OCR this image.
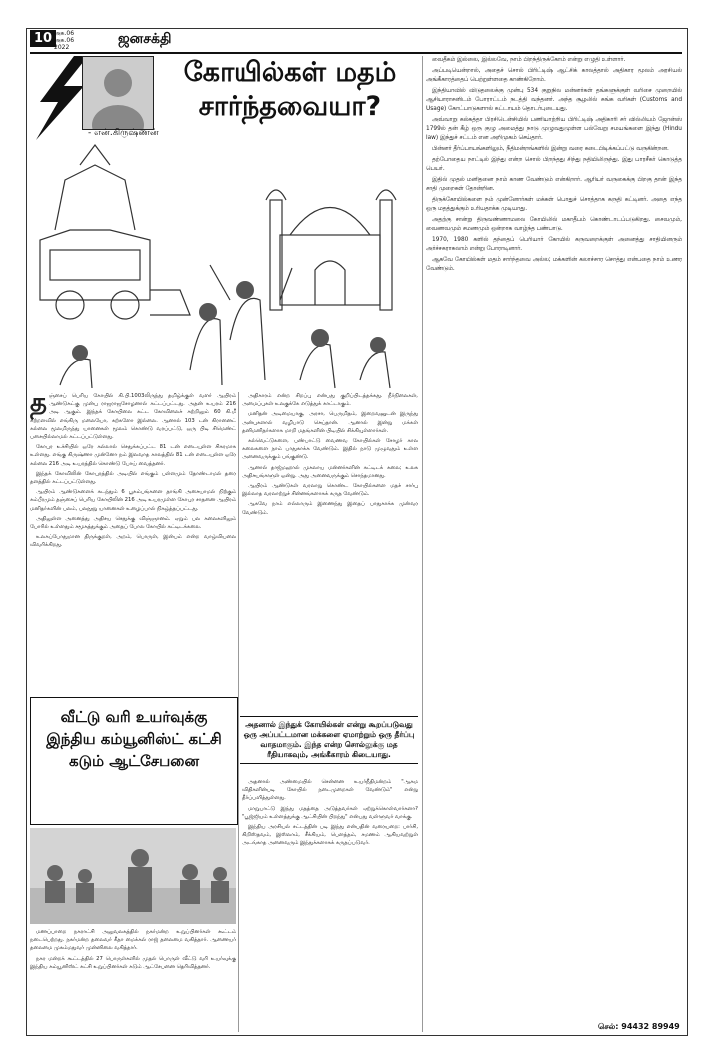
10 அக.06
அக.06
2022
ஜனசக்தி
கோயில்கள் மதம்
சார்ந்தவையா?
- என்.கிருஷ்ணன்

தஞ்சைப் பெரிய கோயில் கி.பி.1003லிருந்து தமிழ்க்குள் வளர் ஆயிரம் ஆண்டுகட்கு முன்பு ராஜராஜசோழனால் கட்டப்பட்டது. அதன் உயரம் 216 அடி ஆகும். இந்தக் கோயிலை கட்ட கோவிலைச் சுற்றிலும் 60 கி.மீ சுற்றளவில் எங்கிரு மலையோ, கற்களோ இல்லை. ஆனால் 103 டன் கிரானைட் கல்லை மூலமிருந்து யானைகள் மூலம் கொண்டு வரப்பட்டு, ஒரு பிடி சிமெண்ட் பசையில்லாமல் கட்டப்பட்டுள்ளது.

கோபுர உச்சியில் ஒரே கல்லால் செதுக்கப்பட்ட 81 டன் எடையுள்ள சிகரமாக உள்ளது. எங்கு கிருஷ்ணா முன்னோ நம் இலவாத காலத்தில் 81 டன் எடையுள்ள ஒரே கல்லை 216 அடி உயரத்தில் கொண்டு போய் வைத்தனர்.

இந்தக் கோவிலின் கோபுரத்தில் அடியில் எங்கும் பள்ளமும் தோண்டாமல் தரை தளத்தில் கட்டப்பட்டுள்ளது.

ஆயிரம் ஆண்டுகளைக் கடந்தும் 6 பூகம்பங்களை தாங்கி அசையாமல் நிற்கும் கம்பீரமும் தஞ்சைப் பெரிய கோயிலின் 216 அடி உயரமுள்ள கோபுர சாதனை ஆயிரம் மனிதர்களின் பலம், பலநூறு யானைகள் உழைப்பால் நிகழ்த்தப்பட்டது.

அதிலுள்ள அனைத்து அதிசய செதுக்கு விஞ்ஞானம். ஏறும் பல கலைகளிலும் போரில் உள்ளதும் சமூகத்துக்கும் அதைப் போல கோயில் கட்டிடக்கலை.

உலகப்போதுமான திருக்குறள், அறம், பொருள், இன்பம் என்ற வாழ்வியலை விவரிக்கிறது.

வீட்டு வரி உயர்வுக்கு
இந்திய கம்யூனிஸ்ட் கட்சி
கடும் ஆட்சேபனை

மணப்பாறை நகராட்சி அலுவலகத்தில் நகர்மன்ற உறுப்பினர்கள் கூட்டம் நடைபெற்றது. நகர்மன்ற தலைவர் கீதா மைக்கல் ராஜ் தலைமை வகித்தார். ஆணையர் தலைமை முகம்மதுவர் முன்னிலை வகித்தார்.

நகர மன்றக் கூட்டத்தில் 27 பொருள்களில் முதல் பொருள் வீட்டு வரி உயர்வுக்கு இந்திய கம்யூனிஸ்ட் கட்சி உறுப்பினர்கள் கடும் ஆட்சேபனை தெரிவித்தனர்.

அதிகாரம் என்ற சிறப்பு என்பது குறிப்பிடத்தக்கது. நீர்நிலைகள், அமைப்புகள் உலகுக்கே எடுத்துக் காட்டாகும்.

மனிதன் அடிமையாகு, அரசா, பெருமிதம், இறைவனுடன் இருந்து அன்புகளால் வழிபாடு செய்தான். ஆனால் இன்று மக்கள் தனிமனிதர்களாக மாறி மதங்களின் பிடியில் சிக்கியுள்ளார்கள்.

கல்வெட்டுகளை, பண்பாட்டு வைணவ கோயில்கள் சோழர் கால கலைகளை நாம் பாதுகாக்க வேண்டும். இதில் நாடு முழுவதும் உள்ள அனைவருக்கும் பங்குண்டு.

ஆனால் தாஜ்மஹால் முகலாய மன்னர்களின் கட்டிடக் கலை; உலக அதிசயங்களுள் ஒன்று. அது அனைவருக்கும் சொந்தமானது.

ஆயிரம் ஆண்டுகள் வரலாறு கொண்ட கோயில்களை மதச் சார்பு இல்லாத வரலாற்றுச் சின்னங்களாகக் கருத வேண்டும்.

ஆகவே நாம் எல்லாரும் இணைந்து இதைப் பாதுகாக்க முன்வர வேண்டும்.

அதனால் இந்துக் கோயில்கள் என்று கூறப்படுவது ஒரு அப்பட்டமான மக்களை ஏமாற்றும் ஒரு தீர்ப்பு வாதமாகும். இந்த என்ற சொல்லுக்கு மத ரீதியாகவும், அங்கீகாரம் கிடையாது.

அதனால் அண்மையில் சென்னை உயர்நீதிமன்றம் "ஆகம விதிகளின்படி கோயில் நடைமுறைகள் வேண்டும்" என்று தீர்ப்பளித்துள்ளது.

மாறுபாட்டு இந்து மதத்தை அடுத்தவர்கள் ஏற்றுக்கொள்வார்களா? "பூஜ்ஜியம் உள்ளத்துக்கு ஆட்சியின் பிறந்து" என்பது வள்ளுவர் வாக்கு.

இந்திய அரசியல் சட்டத்தின் படி இந்து என்பதின் வரையறை: பார்சி, கிறிஸ்தவம், இஸ்லாம், சீக்கியம், பௌத்தம், சமணம் ஆகியவற்றுள் அடங்காத அனைவரும் இந்துக்களாகக் கருதப்படுவர்.

வைதீகம் இல்லை, இல்லவே, நாம் பிறந்திருக்கோம் என்று எழுதி உள்ளார்.

அப்படியென்றால், அதைச் சொல் பிரிட்டிஷ் ஆட்சிக் காலத்தால் அதிகார மூலம் அரசியல் அங்கீகாரத்தைப் பெற்றுள்ளதை காண்கிறோம்.

இந்தியாவில் விடுதலைக்கு முன்பு 534 குறுநில மன்னர்கள் தங்களுக்குள் வரிசை முறையில் ஆசியாராசனிடம் போராட்டம் நடத்தி வந்தனர். அந்த சூழலில் சுங்க வரிகள் (Customs and Usage) கோட்பாடுகளால் கட்டாயம் தொடர்புடையது.

அவ்வாறு கல்கத்தா பிரசிடென்சியில் பணியாற்றிய பிரிட்டிஷ் அதிகாரி சர் வில்லியம் ஜோன்ஸ் 1799ல் தன் கீழ் ஒரு குழு அமைத்து நாடு முழுவதுமுள்ள பல்வேறு சமயங்களை இந்து (Hindu law) இந்துச் சட்டம் என அறிமுகம் செய்தார்.

பின்னர் தீர்ப்பாயங்களிலும், நீதிமன்றங்களில் இன்று வரை கடைபிடிக்கப்பட்டு வருகின்றன.

தற்போதைய நாட்டில் இந்து என்ற சொல் பிறந்தது சிந்து நதியிலிருந்து. இது பாரசீகர் கொடுத்த பெயர்.

இதில் முதல் மனிதனை நாம் காண வேண்டும் என்கிறார். ஆரியர் வருகைக்கு பிறகு தான் இந்த சாதி முறைகள் தோன்றின.

திருக்கோயில்களை நம் முன்னோர்கள் மக்கள் பொதுச் சொத்தாக கருதி கட்டினர். அதை எந்த ஒரு மதத்துக்கும் உரியதாக்க முடியாது.

அதற்கு சான்று திருவண்ணாமலை கோயிலில் மகாதீபம் கொண்டாடப்படுகிறது. சைவமும், வைணவமும் சமணமும் ஒன்றாக வாழ்ந்த பண்பாடு.

1970, 1980 களில் தந்தைப் பெரியார் கோயில் கருவறைக்குள் அனைத்து சாதியினரும் அர்ச்சகராகலாம் என்று போராடினார்.

ஆகவே கோயில்கள் மதம் சார்ந்தவை அல்ல; மக்களின் கலாச்சார சொத்து என்பதை நாம் உணர வேண்டும்.

செல்: 94432 89949
